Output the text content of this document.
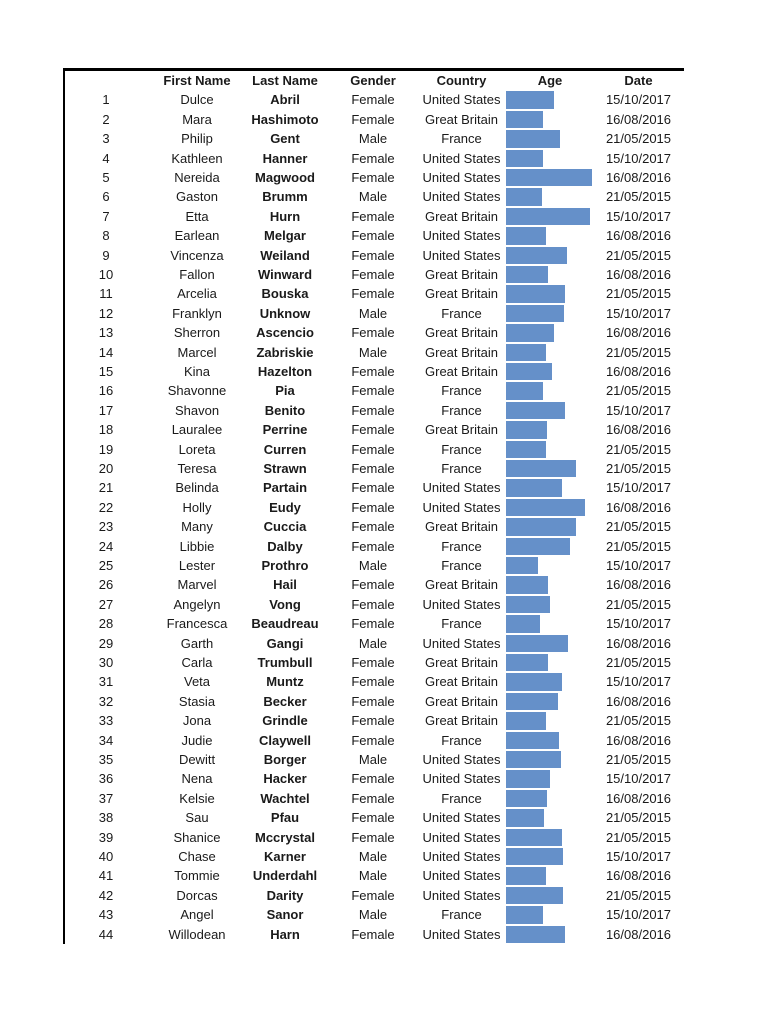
First Name	Last Name	Gender	Country	Age	Date
1	Dulce	Abril	Female	United States	15/10/2017
2	Mara	Hashimoto	Female	Great Britain	16/08/2016
3	Philip	Gent	Male	France	21/05/2015
4	Kathleen	Hanner	Female	United States	15/10/2017
5	Nereida	Magwood	Female	United States	16/08/2016
6	Gaston	Brumm	Male	United States	21/05/2015
7	Etta	Hurn	Female	Great Britain	15/10/2017
8	Earlean	Melgar	Female	United States	16/08/2016
9	Vincenza	Weiland	Female	United States	21/05/2015
10	Fallon	Winward	Female	Great Britain	16/08/2016
11	Arcelia	Bouska	Female	Great Britain	21/05/2015
12	Franklyn	Unknow	Male	France	15/10/2017
13	Sherron	Ascencio	Female	Great Britain	16/08/2016
14	Marcel	Zabriskie	Male	Great Britain	21/05/2015
15	Kina	Hazelton	Female	Great Britain	16/08/2016
16	Shavonne	Pia	Female	France	21/05/2015
17	Shavon	Benito	Female	France	15/10/2017
18	Lauralee	Perrine	Female	Great Britain	16/08/2016
19	Loreta	Curren	Female	France	21/05/2015
20	Teresa	Strawn	Female	France	21/05/2015
21	Belinda	Partain	Female	United States	15/10/2017
22	Holly	Eudy	Female	United States	16/08/2016
23	Many	Cuccia	Female	Great Britain	21/05/2015
24	Libbie	Dalby	Female	France	21/05/2015
25	Lester	Prothro	Male	France	15/10/2017
26	Marvel	Hail	Female	Great Britain	16/08/2016
27	Angelyn	Vong	Female	United States	21/05/2015
28	Francesca	Beaudreau	Female	France	15/10/2017
29	Garth	Gangi	Male	United States	16/08/2016
30	Carla	Trumbull	Female	Great Britain	21/05/2015
31	Veta	Muntz	Female	Great Britain	15/10/2017
32	Stasia	Becker	Female	Great Britain	16/08/2016
33	Jona	Grindle	Female	Great Britain	21/05/2015
34	Judie	Claywell	Female	France	16/08/2016
35	Dewitt	Borger	Male	United States	21/05/2015
36	Nena	Hacker	Female	United States	15/10/2017
37	Kelsie	Wachtel	Female	France	16/08/2016
38	Sau	Pfau	Female	United States	21/05/2015
39	Shanice	Mccrystal	Female	United States	21/05/2015
40	Chase	Karner	Male	United States	15/10/2017
41	Tommie	Underdahl	Male	United States	16/08/2016
42	Dorcas	Darity	Female	United States	21/05/2015
43	Angel	Sanor	Male	France	15/10/2017
44	Willodean	Harn	Female	United States	16/08/2016
